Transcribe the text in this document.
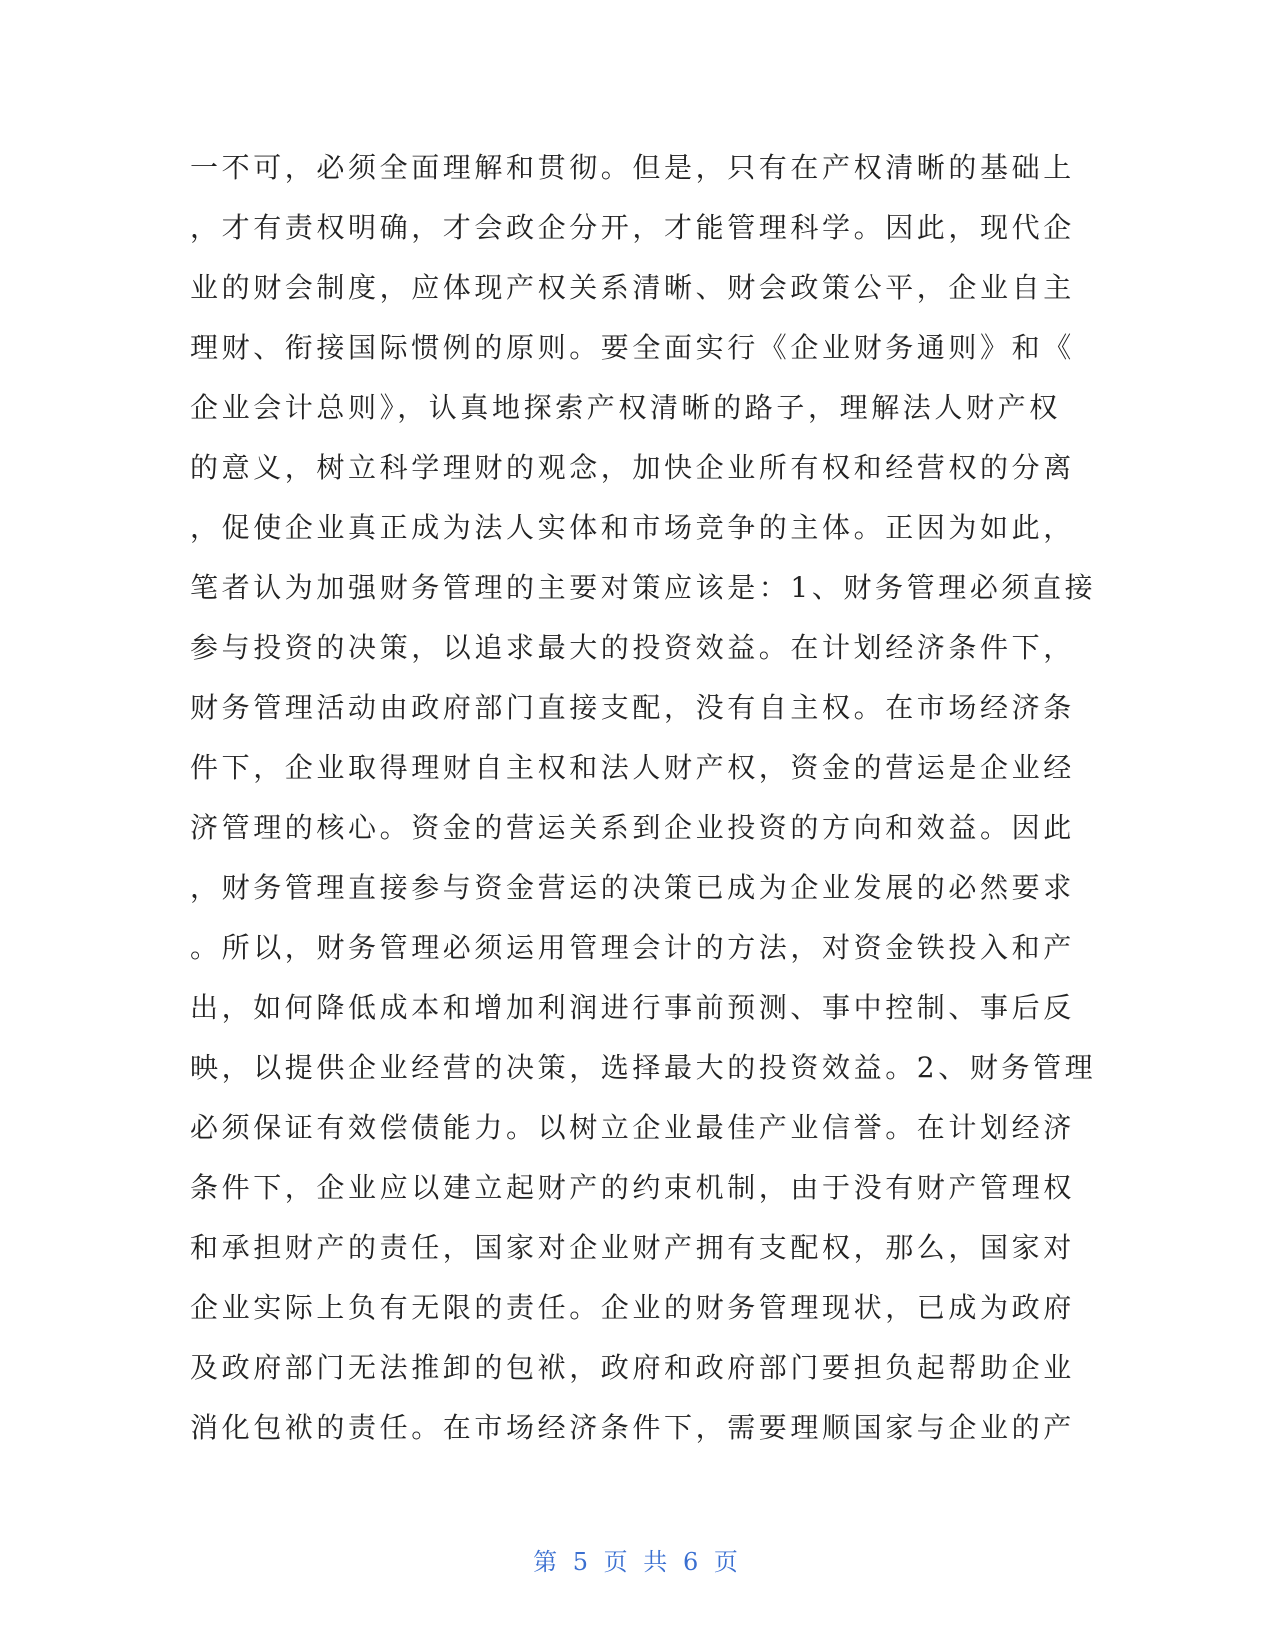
一不可，必须全面理解和贯彻。但是，只有在产权清晰的基础上
，才有责权明确，才会政企分开，才能管理科学。因此，现代企
业的财会制度，应体现产权关系清晰、财会政策公平，企业自主
理财、衔接国际惯例的原则。要全面实行《企业财务通则》和《
企业会计总则》，认真地探索产权清晰的路子，理解法人财产权
的意义，树立科学理财的观念，加快企业所有权和经营权的分离
，促使企业真正成为法人实体和市场竞争的主体。正因为如此，
笔者认为加强财务管理的主要对策应该是：1、财务管理必须直接
参与投资的决策，以追求最大的投资效益。在计划经济条件下，
财务管理活动由政府部门直接支配，没有自主权。在市场经济条
件下，企业取得理财自主权和法人财产权，资金的营运是企业经
济管理的核心。资金的营运关系到企业投资的方向和效益。因此
，财务管理直接参与资金营运的决策已成为企业发展的必然要求
。所以，财务管理必须运用管理会计的方法，对资金铁投入和产
出，如何降低成本和增加利润进行事前预测、事中控制、事后反
映，以提供企业经营的决策，选择最大的投资效益。2、财务管理
必须保证有效偿债能力。以树立企业最佳产业信誉。在计划经济
条件下，企业应以建立起财产的约束机制，由于没有财产管理权
和承担财产的责任，国家对企业财产拥有支配权，那么，国家对
企业实际上负有无限的责任。企业的财务管理现状，已成为政府
及政府部门无法推卸的包袱，政府和政府部门要担负起帮助企业
消化包袱的责任。在市场经济条件下，需要理顺国家与企业的产
第 5 页 共 6 页
